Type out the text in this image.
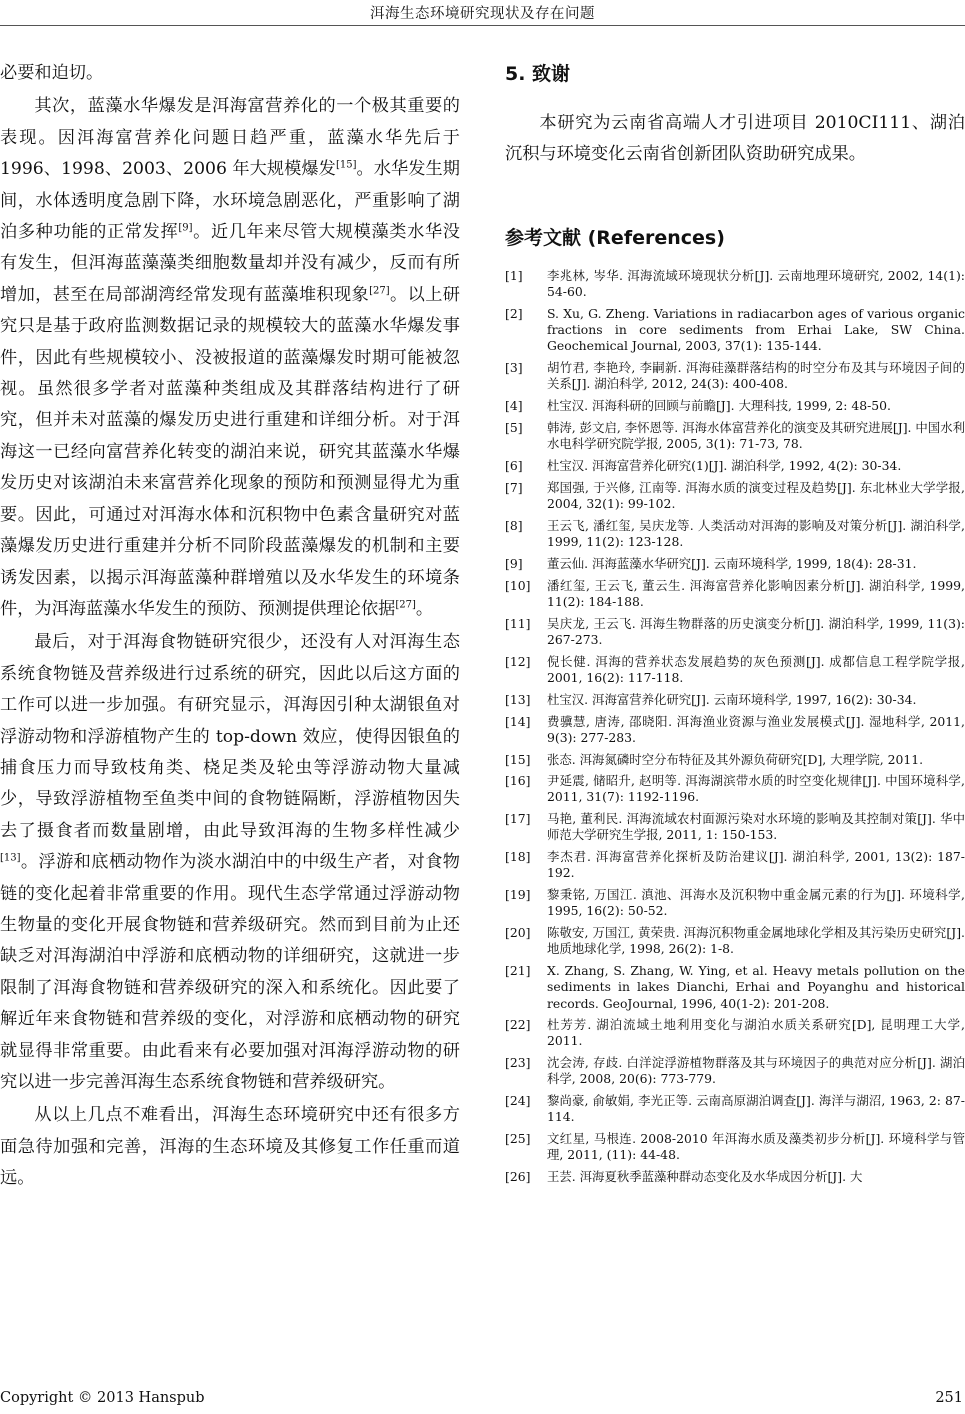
洱海生态环境研究现状及存在问题

必要和迫切。

其次，蓝藻水华爆发是洱海富营养化的一个极其重要的表现。因洱海富营养化问题日趋严重，蓝藻水华先后于 1996、1998、2003、2006 年大规模爆发[15]。水华发生期间，水体透明度急剧下降，水环境急剧恶化，严重影响了湖泊多种功能的正常发挥[9]。近几年来尽管大规模藻类水华没有发生，但洱海蓝藻藻类细胞数量却并没有减少，反而有所增加，甚至在局部湖湾经常发现有蓝藻堆积现象[27]。以上研究只是基于政府监测数据记录的规模较大的蓝藻水华爆发事件，因此有些规模较小、没被报道的蓝藻爆发时期可能被忽视。虽然很多学者对蓝藻种类组成及其群落结构进行了研究，但并未对蓝藻的爆发历史进行重建和详细分析。对于洱海这一已经向富营养化转变的湖泊来说，研究其蓝藻水华爆发历史对该湖泊未来富营养化现象的预防和预测显得尤为重要。因此，可通过对洱海水体和沉积物中色素含量研究对蓝藻爆发历史进行重建并分析不同阶段蓝藻爆发的机制和主要诱发因素，以揭示洱海蓝藻种群增殖以及水华发生的环境条件，为洱海蓝藻水华发生的预防、预测提供理论依据[27]。

最后，对于洱海食物链研究很少，还没有人对洱海生态系统食物链及营养级进行过系统的研究，因此以后这方面的工作可以进一步加强。有研究显示，洱海因引种太湖银鱼对浮游动物和浮游植物产生的 top-down 效应，使得因银鱼的捕食压力而导致枝角类、桡足类及轮虫等浮游动物大量减少，导致浮游植物至鱼类中间的食物链隔断，浮游植物因失去了摄食者而数量剧增，由此导致洱海的生物多样性减少[13]。浮游和底栖动物作为淡水湖泊中的中级生产者，对食物链的变化起着非常重要的作用。现代生态学常通过浮游动物生物量的变化开展食物链和营养级研究。然而到目前为止还缺乏对洱海湖泊中浮游和底栖动物的详细研究，这就进一步限制了洱海食物链和营养级研究的深入和系统化。因此要了解近年来食物链和营养级的变化，对浮游和底栖动物的研究就显得非常重要。由此看来有必要加强对洱海浮游动物的研究以进一步完善洱海生态系统食物链和营养级研究。

从以上几点不难看出，洱海生态环境研究中还有很多方面急待加强和完善，洱海的生态环境及其修复工作任重而道远。

5. 致谢

本研究为云南省高端人才引进项目 2010CI111、湖泊沉积与环境变化云南省创新团队资助研究成果。

参考文献 (References)
[1]	李兆林, 岑华. 洱海流域环境现状分析[J]. 云南地理环境研究, 2002, 14(1): 54-60.
[2]	S. Xu, G. Zheng. Variations in radiacarbon ages of various organic fractions in core sediments from Erhai Lake, SW China. Geochemical Journal, 2003, 37(1): 135-144.
[3]	胡竹君, 李艳玲, 李嗣新. 洱海硅藻群落结构的时空分布及其与环境因子间的关系[J]. 湖泊科学, 2012, 24(3): 400-408.
[4]	杜宝汉. 洱海科研的回顾与前瞻[J]. 大理科技, 1999, 2: 48-50.
[5]	韩涛, 彭文启, 李怀恩等. 洱海水体富营养化的演变及其研究进展[J]. 中国水利水电科学研究院学报, 2005, 3(1): 71-73, 78.
[6]	杜宝汉. 洱海富营养化研究(1)[J]. 湖泊科学, 1992, 4(2): 30-34.
[7]	郑国强, 于兴修, 江南等. 洱海水质的演变过程及趋势[J]. 东北林业大学学报, 2004, 32(1): 99-102.
[8]	王云飞, 潘红玺, 吴庆龙等. 人类活动对洱海的影响及对策分析[J]. 湖泊科学, 1999, 11(2): 123-128.
[9]	董云仙. 洱海蓝藻水华研究[J]. 云南环境科学, 1999, 18(4): 28-31.
[10]	潘红玺, 王云飞, 董云生. 洱海富营养化影响因素分析[J]. 湖泊科学, 1999, 11(2): 184-188.
[11]	吴庆龙, 王云飞. 洱海生物群落的历史演变分析[J]. 湖泊科学, 1999, 11(3): 267-273.
[12]	倪长健. 洱海的营养状态发展趋势的灰色预测[J]. 成都信息工程学院学报, 2001, 16(2): 117-118.
[13]	杜宝汉. 洱海富营养化研究[J]. 云南环境科学, 1997, 16(2): 30-34.
[14]	费骥慧, 唐涛, 邵晓阳. 洱海渔业资源与渔业发展模式[J]. 湿地科学, 2011, 9(3): 277-283.
[15]	张态. 洱海氮磷时空分布特征及其外源负荷研究[D], 大理学院, 2011.
[16]	尹延震, 储昭升, 赵明等. 洱海湖滨带水质的时空变化规律[J]. 中国环境科学, 2011, 31(7): 1192-1196.
[17]	马艳, 董利民. 洱海流域农村面源污染对水环境的影响及其控制对策[J]. 华中师范大学研究生学报, 2011, 1: 150-153.
[18]	李杰君. 洱海富营养化探析及防治建议[J]. 湖泊科学, 2001, 13(2): 187-192.
[19]	黎秉铭, 万国江. 滇池、洱海水及沉积物中重金属元素的行为[J]. 环境科学, 1995, 16(2): 50-52.
[20]	陈敬安, 万国江, 黄荣贵. 洱海沉积物重金属地球化学相及其污染历史研究[J]. 地质地球化学, 1998, 26(2): 1-8.
[21]	X. Zhang, S. Zhang, W. Ying, et al. Heavy metals pollution on the sediments in lakes Dianchi, Erhai and Poyanghu and historical records. GeoJournal, 1996, 40(1-2): 201-208.
[22]	杜芳芳. 湖泊流域土地利用变化与湖泊水质关系研究[D], 昆明理工大学, 2011.
[23]	沈会涛, 存歧. 白洋淀浮游植物群落及其与环境因子的典范对应分析[J]. 湖泊科学, 2008, 20(6): 773-779.
[24]	黎尚豪, 俞敏娟, 李光正等. 云南高原湖泊调查[J]. 海洋与湖沼, 1963, 2: 87-114.
[25]	文红星, 马根连. 2008-2010 年洱海水质及藻类初步分析[J]. 环境科学与管理, 2011, (11): 44-48.
[26]	王芸. 洱海夏秋季蓝藻种群动态变化及水华成因分析[J]. 大
Copyright © 2013 Hanspub	251
